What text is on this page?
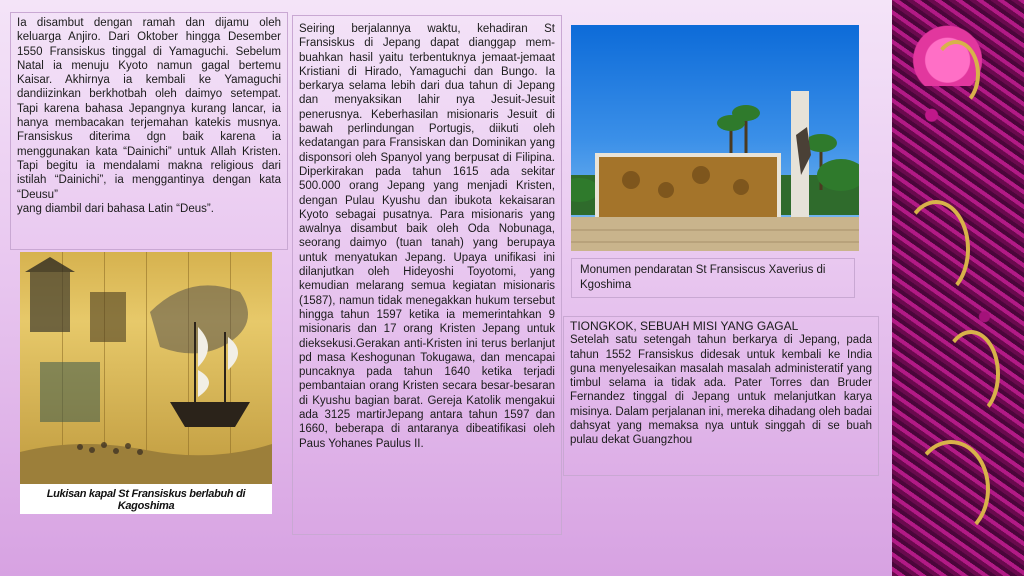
Ia disambut dengan ramah dan dijamu oleh keluarga Anjiro. Dari Oktober hingga Desember 1550 Fransiskus tinggal di Yamaguchi. Sebelum Natal ia menuju Kyoto namun gagal bertemu Kaisar. Akhirnya ia kembali ke Yamaguchi dandiizinkan berkhotbah oleh daimyo setempat. Tapi karena bahasa Jepangnya kurang lancar, ia hanya membacakan terjemahan katekis musnya. Fransiskus diterima dgn baik karena ia menggunakan kata “Dainichi” untuk Allah Kristen. Tapi begitu ia mendalami makna religious dari istilah “Dainichi”, ia menggantinya dengan kata “Deusu”

yang diambil dari bahasa Latin “Deus”.

Lukisan kapal St Fransiskus berlabuh di Kagoshima

Seiring berjalannya waktu, kehadiran St Fransiskus di Jepang dapat dianggap mem-buahkan hasil yaitu terbentuknya jemaat-jemaat Kristiani di Hirado, Yamaguchi dan Bungo. Ia berkarya selama lebih dari dua tahun di Jepang dan menyaksikan lahir nya Jesuit-Jesuit penerusnya. Keberhasilan misionaris Jesuit di bawah perlindungan Portugis, diikuti oleh kedatangan para Fransiskan dan Dominikan yang disponsori oleh Spanyol yang berpusat di Filipina. Diperkirakan pada tahun 1615 ada sekitar 500.000 orang Jepang yang menjadi Kristen, dengan Pulau Kyushu dan ibukota kekaisaran Kyoto sebagai pusatnya. Para misionaris yang awalnya disambut baik oleh Oda Nobunaga, seorang daimyo (tuan tanah) yang berupaya untuk menyatukan Jepang. Upaya unifikasi ini dilanjutkan oleh Hideyoshi Toyotomi, yang kemudian melarang semua kegiatan misionaris (1587), namun tidak menegakkan hukum tersebut hingga tahun 1597 ketika ia memerintahkan 9 misionaris dan 17 orang Kristen Jepang untuk dieksekusi.Gerakan anti-Kristen ini terus berlanjut pd masa Keshogunan Tokugawa, dan mencapai puncaknya pada tahun 1640 ketika terjadi pembantaian orang Kristen secara besar-besaran di Kyushu bagian barat. Gereja Katolik mengakui ada 3125 martirJepang antara tahun 1597 dan 1660, beberapa di antaranya dibeatifikasi oleh Paus Yohanes Paulus II.

Monumen pendaratan St Fransiscus Xaverius di Kgoshima

TIONGKOK, SEBUAH MISI YANG GAGAL

Setelah satu setengah tahun berkarya di Jepang, pada tahun 1552 Fransiskus didesak untuk kembali ke India guna menyelesaikan masalah masalah administeratif yang timbul selama ia tidak ada. Pater Torres dan Bruder Fernandez tinggal di Jepang untuk melanjutkan karya misinya. Dalam perjalanan ini, mereka dihadang oleh badai dahsyat yang memaksa nya untuk singgah di se buah pulau dekat Guangzhou
